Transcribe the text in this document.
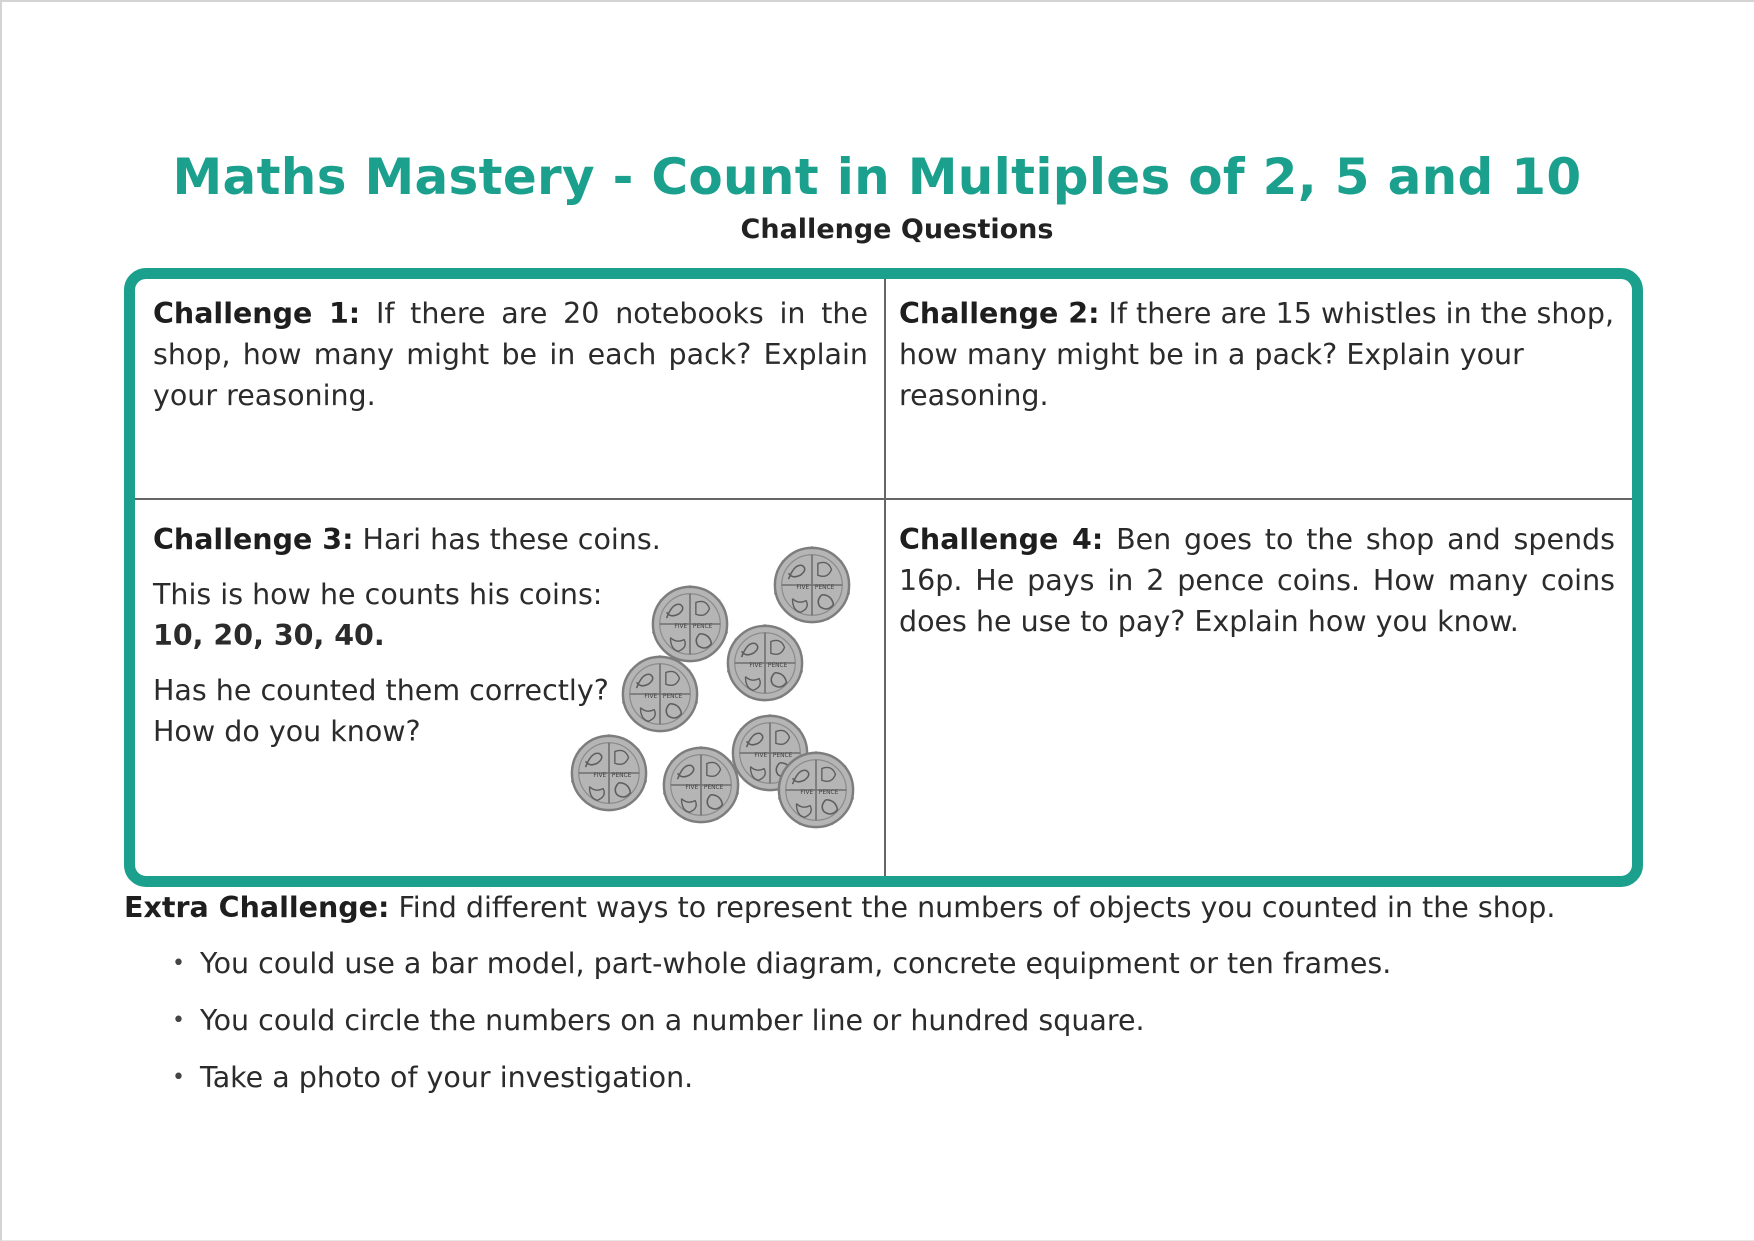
Maths Mastery - Count in Multiples of 2, 5 and 10
Challenge Questions
Challenge 1: If there are 20 notebooks in the shop, how many might be in each pack? Explain your reasoning.
Challenge 2: If there are 15 whistles in the shop, how many might be in a pack? Explain your reasoning.

Challenge 3: Hari has these coins.

This is how he counts his coins:

10, 20, 30, 40.

Has he counted them correctly?

How do you know?

Challenge 4: Ben goes to the shop and spends 16p. He pays in 2 pence coins. How many coins does he use to pay? Explain how you know.
Extra Challenge: Find different ways to represent the numbers of objects you counted in the shop.
• You could use a bar model, part-whole diagram, concrete equipment or ten frames.
• You could circle the numbers on a number line or hundred square.
• Take a photo of your investigation.
